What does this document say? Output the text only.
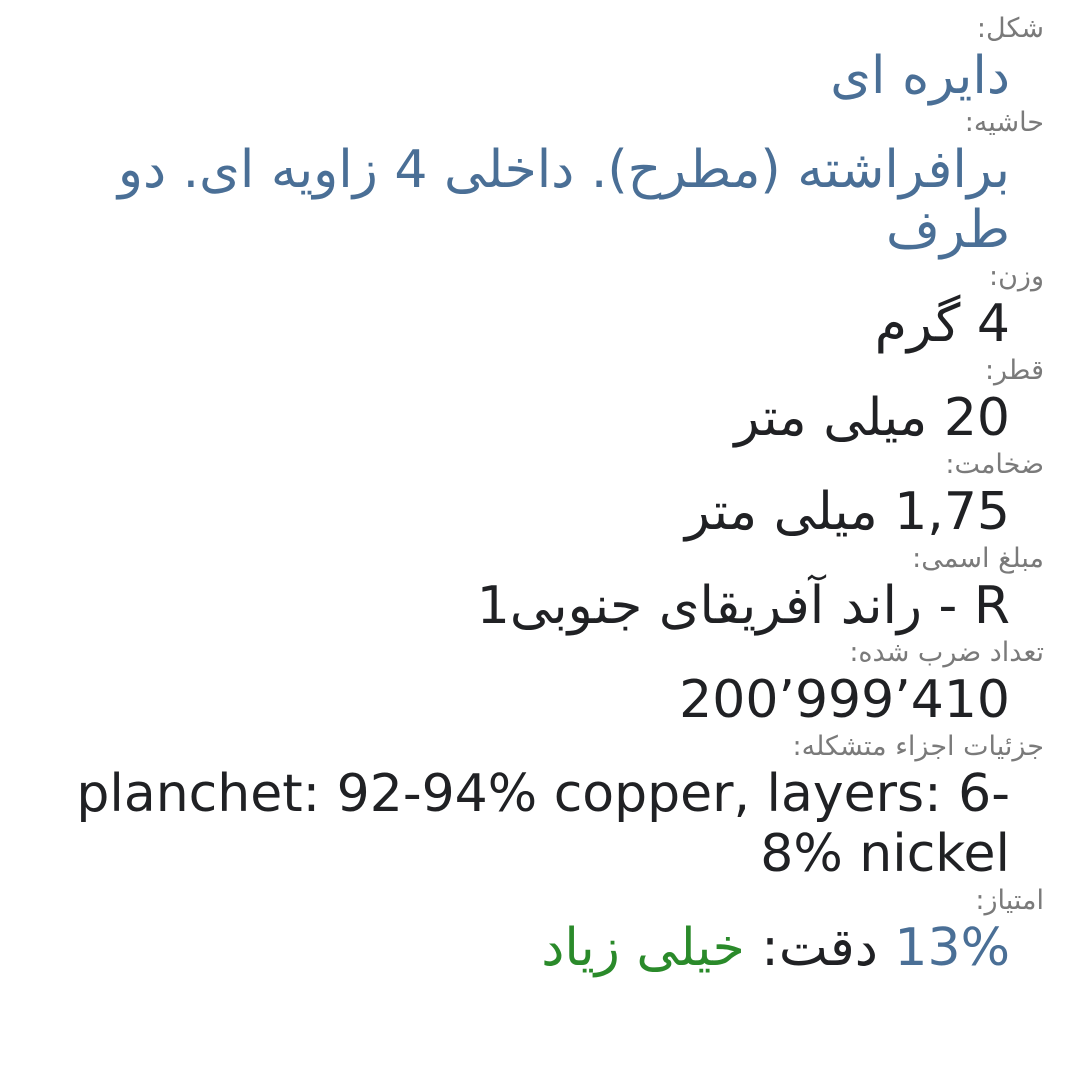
شکل:
دایره ای
حاشیه:
برافراشته (مطرح). داخلی 4 زاویه ای. دو طرف
وزن:
4 گرم
قطر:
20 میلی متر
ضخامت:
1,75 میلی متر
مبلغ اسمی:
R - راند آفریقای جنوبی1
تعداد ضرب شده:
200’999’410
جزئیات اجزاء متشکله:
planchet: 92-94% copper, layers: 6-8% nickel
امتیاز:
13% دقت: خیلی زیاد
